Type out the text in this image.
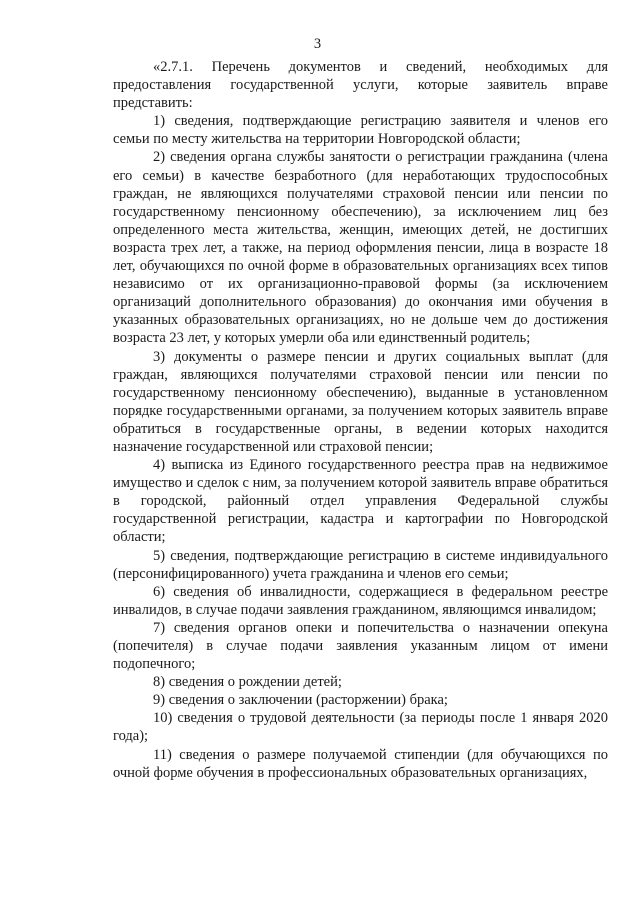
3

«2.7.1. Перечень документов и сведений, необходимых для предоставления государственной услуги, которые заявитель вправе представить:

1) сведения, подтверждающие регистрацию заявителя и членов его семьи по месту жительства на территории Новгородской области;

2) сведения органа службы занятости о регистрации гражданина (члена его семьи) в качестве безработного (для неработающих трудоспособных граждан, не являющихся получателями страховой пенсии или пенсии по государственному пенсионному обеспечению), за исключением лиц без определенного места жительства, женщин, имеющих детей, не достигших возраста трех лет, а также, на период оформления пенсии, лица в возрасте 18 лет, обучающихся по очной форме в образовательных организациях всех типов независимо от их организационно-правовой формы (за исключением организаций дополнительного образования) до окончания ими обучения в указанных образовательных организациях, но не дольше чем до достижения возраста 23 лет, у которых умерли оба или единственный родитель;

3) документы о размере пенсии и других социальных выплат (для граждан, являющихся получателями страховой пенсии или пенсии по государственному пенсионному обеспечению), выданные в установленном порядке государственными органами, за получением которых заявитель вправе обратиться в государственные органы, в ведении которых находится назначение государственной или страховой пенсии;

4) выписка из Единого государственного реестра прав на недвижимое имущество и сделок с ним, за получением которой заявитель вправе обратиться в городской, районный отдел управления Федеральной службы государственной регистрации, кадастра и картографии по Новгородской области;

5) сведения, подтверждающие регистрацию в системе индивидуального (персонифицированного) учета гражданина и членов его семьи;

6) сведения об инвалидности, содержащиеся в федеральном реестре инвалидов, в случае подачи заявления гражданином, являющимся инвалидом;

7) сведения органов опеки и попечительства о назначении опекуна (попечителя) в случае подачи заявления указанным лицом от имени подопечного;

8) сведения о рождении детей;

9) сведения о заключении (расторжении) брака;

10) сведения о трудовой деятельности (за периоды после 1 января 2020 года);

11) сведения о размере получаемой стипендии (для обучающихся по очной форме обучения в профессиональных образовательных организациях,
